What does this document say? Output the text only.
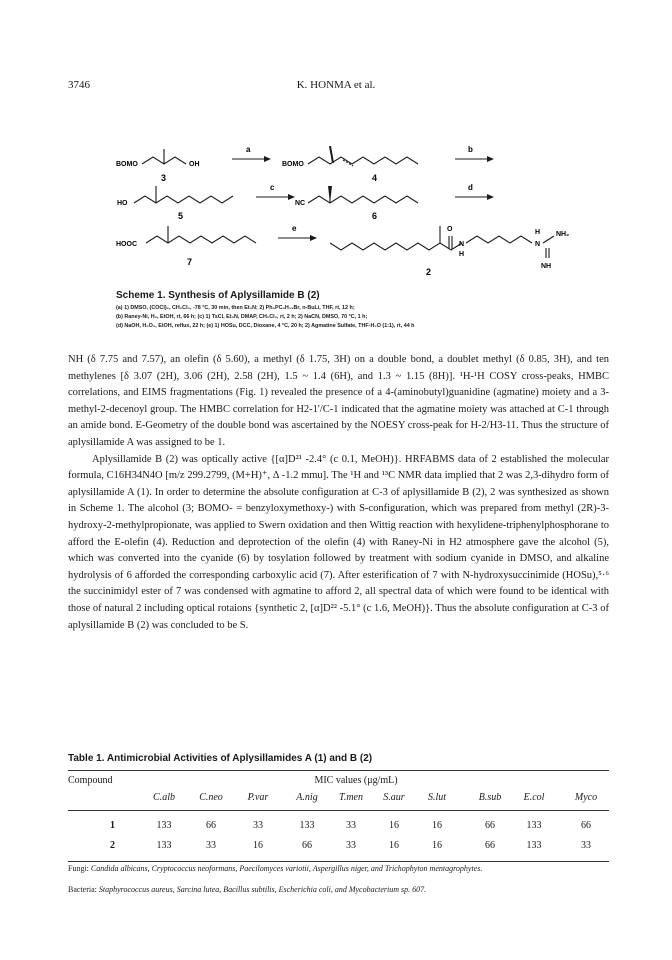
3746	K. HONMA et al.
BOMO	OH	BOMO
HO	NC
HOOC
O
N
H
N
H NH₂
NH
3	4
5	6
7
2
a	b
c	d
e
Scheme 1. Synthesis of Aplysillamide B (2)
(a) 1) DMSO, (COCl)₂, CH₂Cl₂, -78 °C, 30 min, then Et₃N; 2) Ph₃PC₆H₁₃Br, n-BuLi, THF, rt, 12 h;
(b) Raney-Ni, H₂, EtOH, rt, 66 h; (c) 1) TsCl, Et₃N, DMAP, CH₂Cl₂, rt, 2 h; 2) NaCN, DMSO, 70 °C, 1 h;
(d) NaOH, H₂O₂, EtOH, reflux, 22 h; (e) 1) HOSu, DCC, Dioxane, 4 °C, 20 h; 2) Agmatine Sulfate, THF-H₂O (1:1), rt, 44 h

NH (δ 7.75 and 7.57), an olefin (δ 5.60), a methyl (δ 1.75, 3H) on a double bond, a doublet methyl (δ 0.85, 3H), and ten methylenes [δ 3.07 (2H), 3.06 (2H), 2.58 (2H), 1.5 ~ 1.4 (6H), and 1.3 ~ 1.15 (8H)]. ¹H-¹H COSY cross-peaks, HMBC correlations, and EIMS fragmentations (Fig. 1) revealed the presence of a 4-(aminobutyl)guanidine (agmatine) moiety and a 3-methyl-2-decenoyl group. The HMBC correlation for H2-1'/C-1 indicated that the agmatine moiety was attached at C-1 through an amide bond. E-Geometry of the double bond was ascertained by the NOESY cross-peak for H-2/H3-11. Thus the structure of aplysillamide A was assigned to be 1.

Aplysillamide B (2) was optically active {[α]D²¹ -2.4° (c 0.1, MeOH)}. HRFABMS data of 2 established the molecular formula, C16H34N4O [m/z 299.2799, (M+H)⁺, Δ -1.2 mmu]. The ¹H and ¹³C NMR data implied that 2 was 2,3-dihydro form of aplysillamide A (1). In order to determine the absolute configuration at C-3 of aplysillamide B (2), 2 was synthesized as shown in Scheme 1. The alcohol (3; BOMO- = benzyloxymethoxy-) with S-configuration, which was prepared from methyl (2R)-3-hydroxy-2-methylpropionate, was applied to Swern oxidation and then Wittig reaction with hexylidene-triphenylphosphorane to afford the E-olefin (4). Reduction and deprotection of the olefin (4) with Raney-Ni in H2 atmosphere gave the alcohol (5), which was converted into the cyanide (6) by tosylation followed by treatment with sodium cyanide in DMSO, and alkaline hydrolysis of 6 afforded the corresponding carboxylic acid (7). After esterification of 7 with N-hydroxysuccinimide (HOSu),⁵·⁶ the succinimidyl ester of 7 was condensed with agmatine to afford 2, all spectral data of which were found to be identical with those of natural 2 including optical rotaions {synthetic 2, [α]D²² -5.1° (c 1.6, MeOH)}. Thus the absolute configuration at C-3 of aplysillamide B (2) was concluded to be S.

Table 1. Antimicrobial Activities of Aplysillamides A (1) and B (2)
Compound	MIC values (μg/mL)
C.alb C.neo P.var	A.nig T.men S.aur S.lut	B.sub E.col	Myco
1	133	66	33	133	33	16	16	66	133	66
2	133	33	16	66	33	16	16	66	133	33
Fungi: Candida albicans, Cryptococcus neoformans, Paecilomyces variotii, Aspergillus niger, and Trichophyton mentagrophytes.
Bacteria: Staphyrococcus aureus, Sarcina lutea, Bacillus subtilis, Escherichia coli, and Mycobacterium sp. 607.
